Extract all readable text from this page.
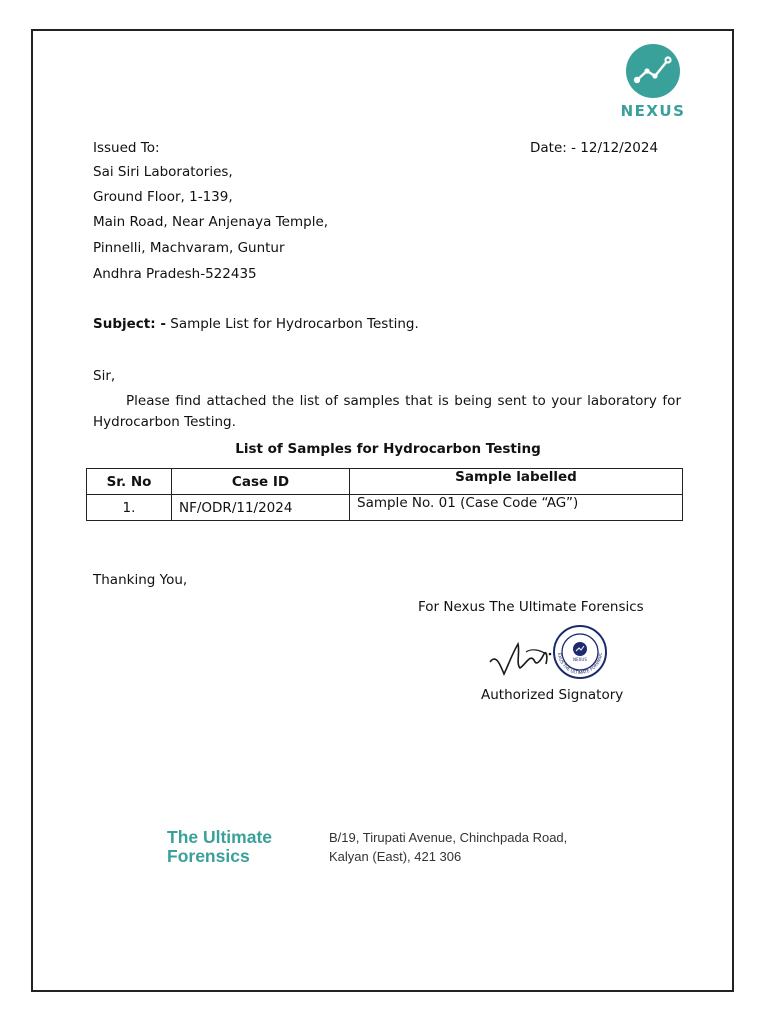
NEXUS
Issued To:	Date: - 12/12/2024
Sai Siri Laboratories,
Ground Floor, 1-139,
Main Road, Near Anjenaya Temple,
Pinnelli, Machvaram, Guntur
Andhra Pradesh-522435
Subject: - Sample List for Hydrocarbon Testing.
Sir,
Please find attached the list of samples that is being sent to your laboratory for Hydrocarbon Testing.
List of Samples for Hydrocarbon Testing
Sr. No	Case ID	Sample labelled
1.	NF/ODR/11/2024	Sample No. 01 (Case Code “AG”)
Thanking You,
For Nexus The Ultimate Forensics
NEXUS
EXUS THE ULTIMATE FORENSIC
Authorized Signatory
The Ultimate
Forensics
B/19, Tirupati Avenue, Chinchpada Road,
Kalyan (East), 421 306
